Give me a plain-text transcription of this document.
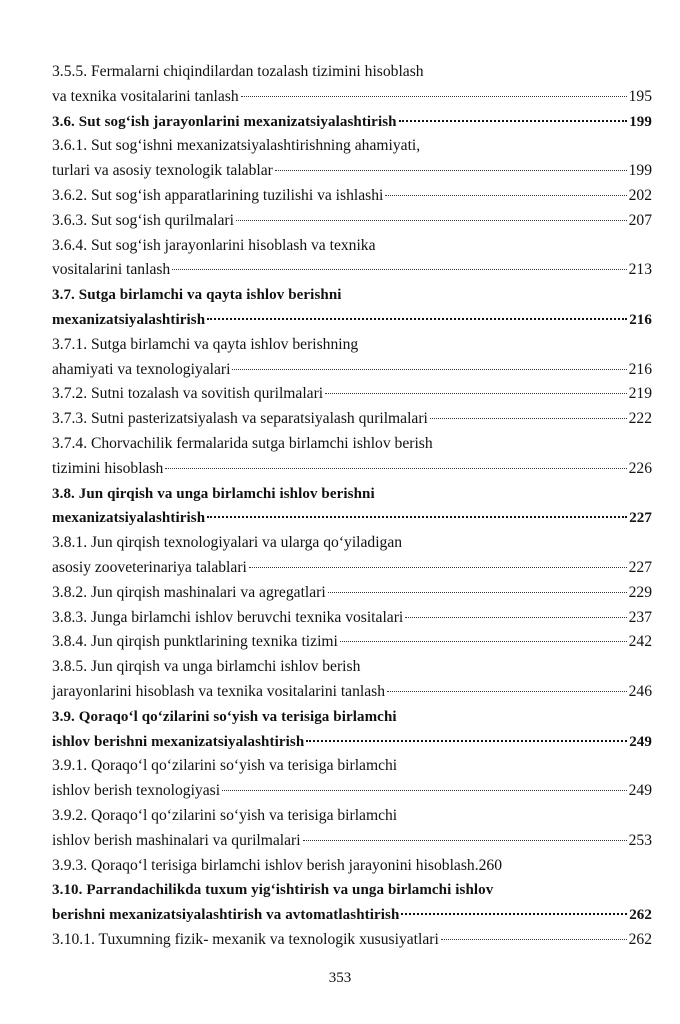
3.5.5. Fermalarni chiqindilardan tozalash tizimini hisoblash
va texnika vositalarini tanlash	195
3.6. Sut sog‘ish jarayonlarini mexanizatsiyalashtirish	199
3.6.1. Sut sog‘ishni mexanizatsiyalashtirishning ahamiyati,
turlari va asosiy texnologik talablar	199
3.6.2. Sut sog‘ish apparatlarining tuzilishi va ishlashi	202
3.6.3. Sut sog‘ish qurilmalari	207
3.6.4. Sut sog‘ish jarayonlarini hisoblash va texnika
vositalarini tanlash	213
3.7. Sutga birlamchi va qayta ishlov berishni
mexanizatsiyalashtirish	216
3.7.1. Sutga birlamchi va qayta ishlov berishning
ahamiyati va texnologiyalari	216
3.7.2. Sutni tozalash va sovitish qurilmalari	219
3.7.3. Sutni pasterizatsiyalash va separatsiyalash qurilmalari	222
3.7.4. Chorvachilik fermalarida sutga birlamchi ishlov berish
tizimini hisoblash	226
3.8. Jun qirqish va unga birlamchi ishlov berishni
mexanizatsiyalashtirish	227
3.8.1. Jun qirqish texnologiyalari va ularga qo‘yiladigan
asosiy zooveterinariya talablari	227
3.8.2. Jun qirqish mashinalari va agregatlari	229
3.8.3. Junga birlamchi ishlov beruvchi texnika vositalari	237
3.8.4. Jun qirqish punktlarining texnika tizimi	242
3.8.5. Jun qirqish va unga birlamchi ishlov berish
jarayonlarini hisoblash va texnika vositalarini tanlash	246
3.9. Qoraqo‘l qo‘zilarini so‘yish va terisiga birlamchi
ishlov berishni mexanizatsiyalashtirish	249
3.9.1. Qoraqo‘l qo‘zilarini so‘yish va terisiga birlamchi
ishlov berish texnologiyasi	249
3.9.2. Qoraqo‘l qo‘zilarini so‘yish va terisiga birlamchi
ishlov berish mashinalari va qurilmalari	253
3.9.3. Qoraqo‘l terisiga birlamchi ishlov berish jarayonini hisoblash . 260
3.10. Parrandachilikda tuxum yig‘ishtirish va unga birlamchi ishlov
berishni mexanizatsiyalashtirish va avtomatlashtirish	262
3.10.1. Tuxumning fizik- mexanik va texnologik xususiyatlari	262
353
